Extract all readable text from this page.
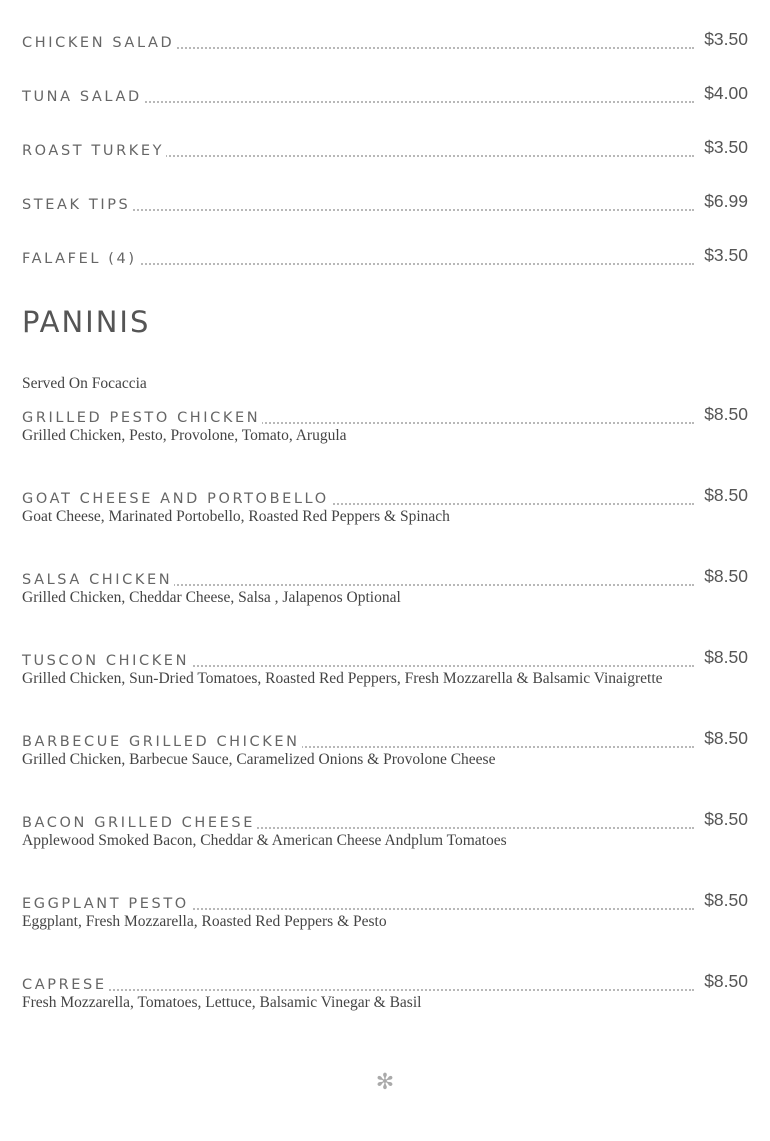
CHICKEN SALAD	$3.50
TUNA SALAD	$4.00
ROAST TURKEY	$3.50
STEAK TIPS	$6.99
FALAFEL (4)	$3.50
PANINIS
Served On Focaccia
GRILLED PESTO CHICKEN	$8.50
Grilled Chicken, Pesto, Provolone, Tomato, Arugula
GOAT CHEESE AND PORTOBELLO	$8.50
Goat Cheese, Marinated Portobello, Roasted Red Peppers & Spinach
SALSA CHICKEN	$8.50
Grilled Chicken, Cheddar Cheese, Salsa , Jalapenos Optional
TUSCON CHICKEN	$8.50
Grilled Chicken, Sun-Dried Tomatoes, Roasted Red Peppers, Fresh Mozzarella & Balsamic Vinaigrette
BARBECUE GRILLED CHICKEN	$8.50
Grilled Chicken, Barbecue Sauce, Caramelized Onions & Provolone Cheese
BACON GRILLED CHEESE	$8.50
Applewood Smoked Bacon, Cheddar & American Cheese Andplum Tomatoes
EGGPLANT PESTO	$8.50
Eggplant, Fresh Mozzarella, Roasted Red Peppers & Pesto
CAPRESE	$8.50
Fresh Mozzarella, Tomatoes, Lettuce, Balsamic Vinegar & Basil
✻
